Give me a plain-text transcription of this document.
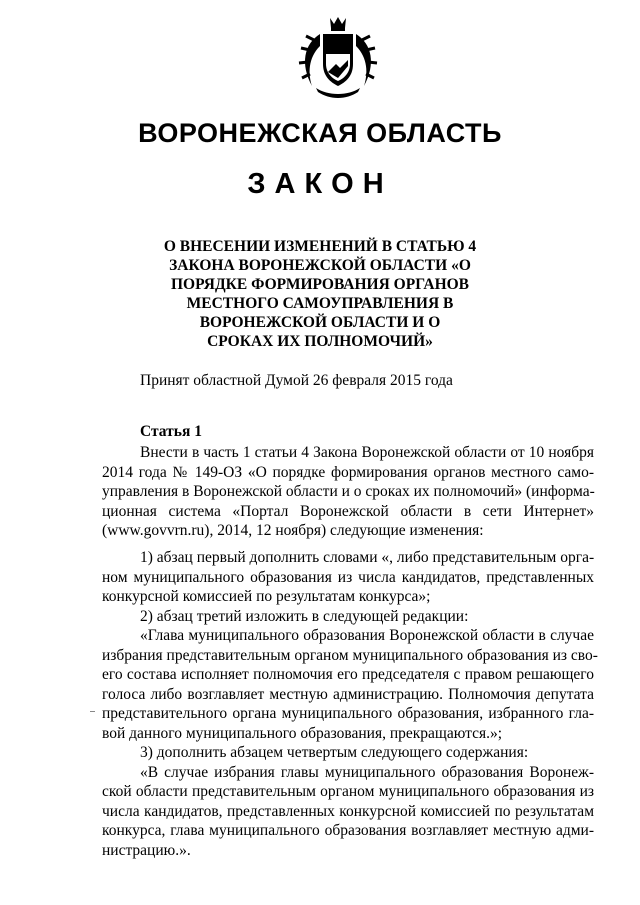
ВОРОНЕЖСКАЯ ОБЛАСТЬ
ЗАКОН
О ВНЕСЕНИИ ИЗМЕНЕНИЙ В СТАТЬЮ 4
ЗАКОНА ВОРОНЕЖСКОЙ ОБЛАСТИ «О
ПОРЯДКЕ ФОРМИРОВАНИЯ ОРГАНОВ
МЕСТНОГО САМОУПРАВЛЕНИЯ В
ВОРОНЕЖСКОЙ ОБЛАСТИ И О
СРОКАХ ИХ ПОЛНОМОЧИЙ»

Принят областной Думой 26 февраля 2015 года

Статья 1

Внести в часть 1 статьи 4 Закона Воронежской области от 10 ноября
2014 года № 149-ОЗ «О порядке формирования органов местного само-
управления в Воронежской области и о сроках их полномочий» (информа-
ционная система «Портал Воронежской области в сети Интернет»
(www.govvrn.ru), 2014, 12 ноября) следующие изменения:
1) абзац первый дополнить словами «, либо представительным орга-
ном муниципального образования из числа кандидатов, представленных
конкурсной комиссией по результатам конкурса»;
2) абзац третий изложить в следующей редакции:
«Глава муниципального образования Воронежской области в случае
избрания представительным органом муниципального образования из сво-
его состава исполняет полномочия его председателя с правом решающего
голоса либо возглавляет местную администрацию. Полномочия депутата
представительного органа муниципального образования, избранного гла-
вой данного муниципального образования, прекращаются.»;
3) дополнить абзацем четвертым следующего содержания:
«В случае избрания главы муниципального образования Воронеж-
ской области представительным органом муниципального образования из
числа кандидатов, представленных конкурсной комиссией по результатам
конкурса, глава муниципального образования возглавляет местную адми-
нистрацию.».
